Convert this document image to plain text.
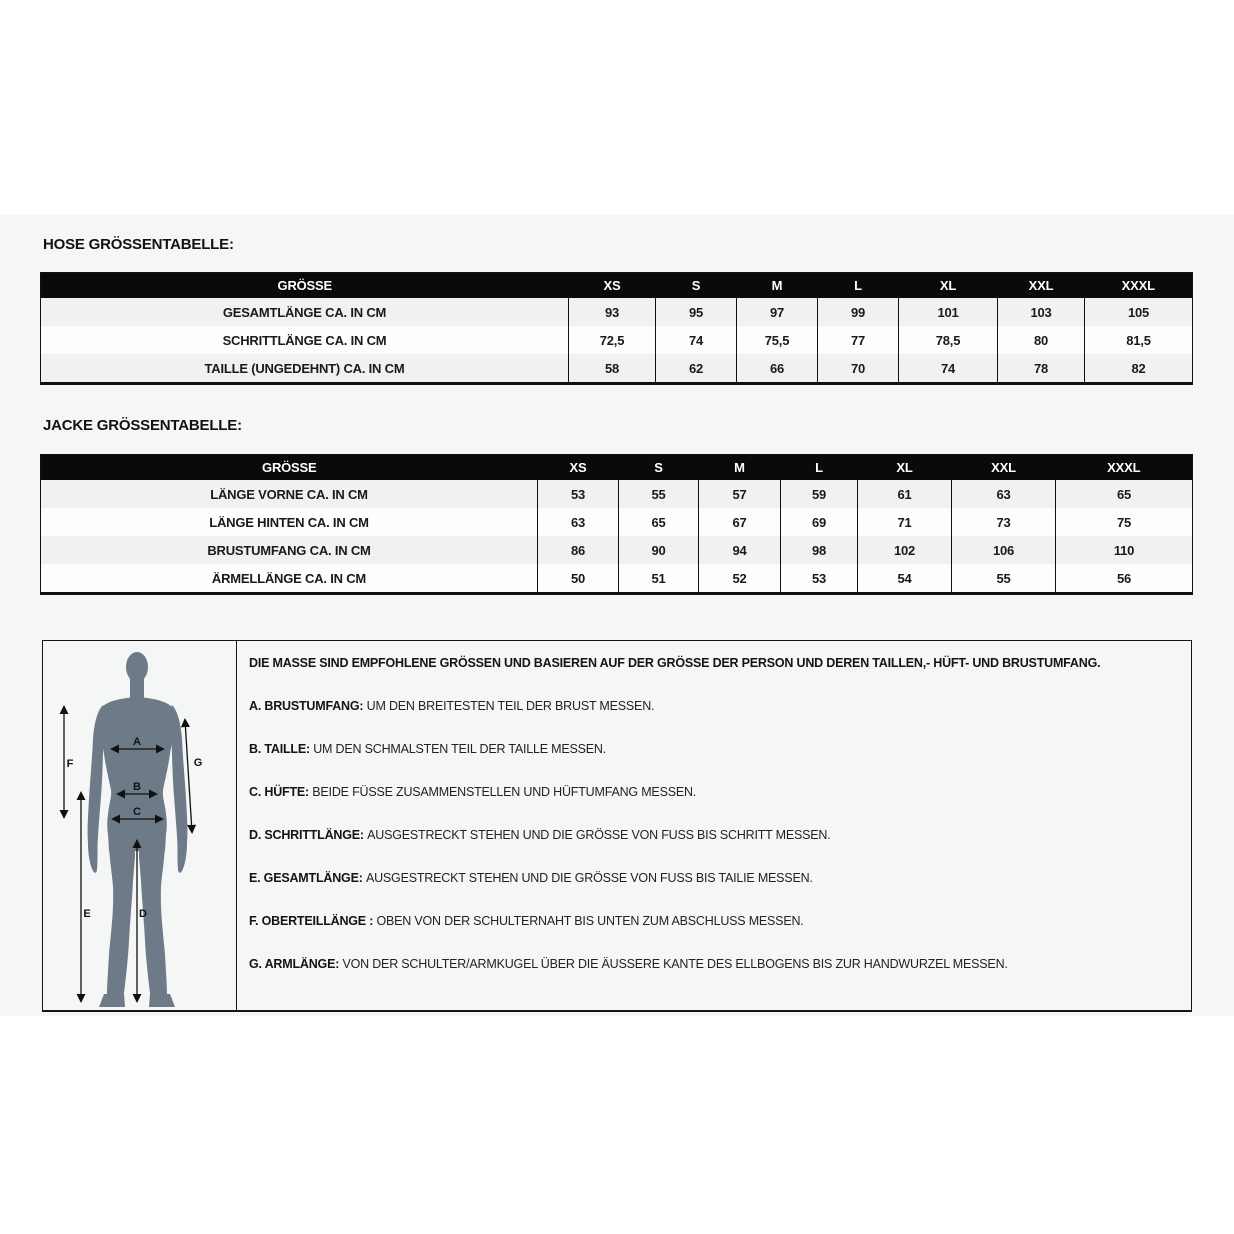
HOSE GRÖSSENTABELLE:
GRÖSSE	XS	S	M	L	XL	XXL	XXXL
GESAMTLÄNGE CA. IN CM	93	95	97	99	101	103	105
SCHRITTLÄNGE CA. IN CM	72,5	74	75,5	77	78,5	80	81,5
TAILLE (UNGEDEHNT) CA. IN CM	58	62	66	70	74	78	82
JACKE GRÖSSENTABELLE:
GRÖSSE	XS	S	M	L	XL	XXL	XXXL
LÄNGE VORNE CA. IN CM	53	55	57	59	61	63	65
LÄNGE HINTEN CA. IN CM	63	65	67	69	71	73	75
BRUSTUMFANG CA. IN CM	86	90	94	98	102	106	110
ÄRMELLÄNGE CA. IN CM	50	51	52	53	54	55	56
A
B
C
D
E
F	G
DIE MASSE SIND EMPFOHLENE GRÖSSEN UND BASIEREN AUF DER GRÖSSE DER PERSON UND DEREN TAILLEN,- HÜFT- UND BRUSTUMFANG.
A. BRUSTUMFANG: UM DEN BREITESTEN TEIL DER BRUST MESSEN.
B. TAILLE: UM DEN SCHMALSTEN TEIL DER TAILLE MESSEN.
C. HÜFTE: BEIDE FÜSSE ZUSAMMENSTELLEN UND HÜFTUMFANG MESSEN.
D. SCHRITTLÄNGE: AUSGESTRECKT STEHEN UND DIE GRÖSSE VON FUSS BIS SCHRITT MESSEN.
E. GESAMTLÄNGE: AUSGESTRECKT STEHEN UND DIE GRÖSSE VON FUSS BIS TAILIE MESSEN.
F. OBERTEILLÄNGE : OBEN VON DER SCHULTERNAHT BIS UNTEN ZUM ABSCHLUSS MESSEN.
G. ARMLÄNGE: VON DER SCHULTER/ARMKUGEL ÜBER DIE ÄUSSERE KANTE DES ELLBOGENS BIS ZUR HANDWURZEL MESSEN.
